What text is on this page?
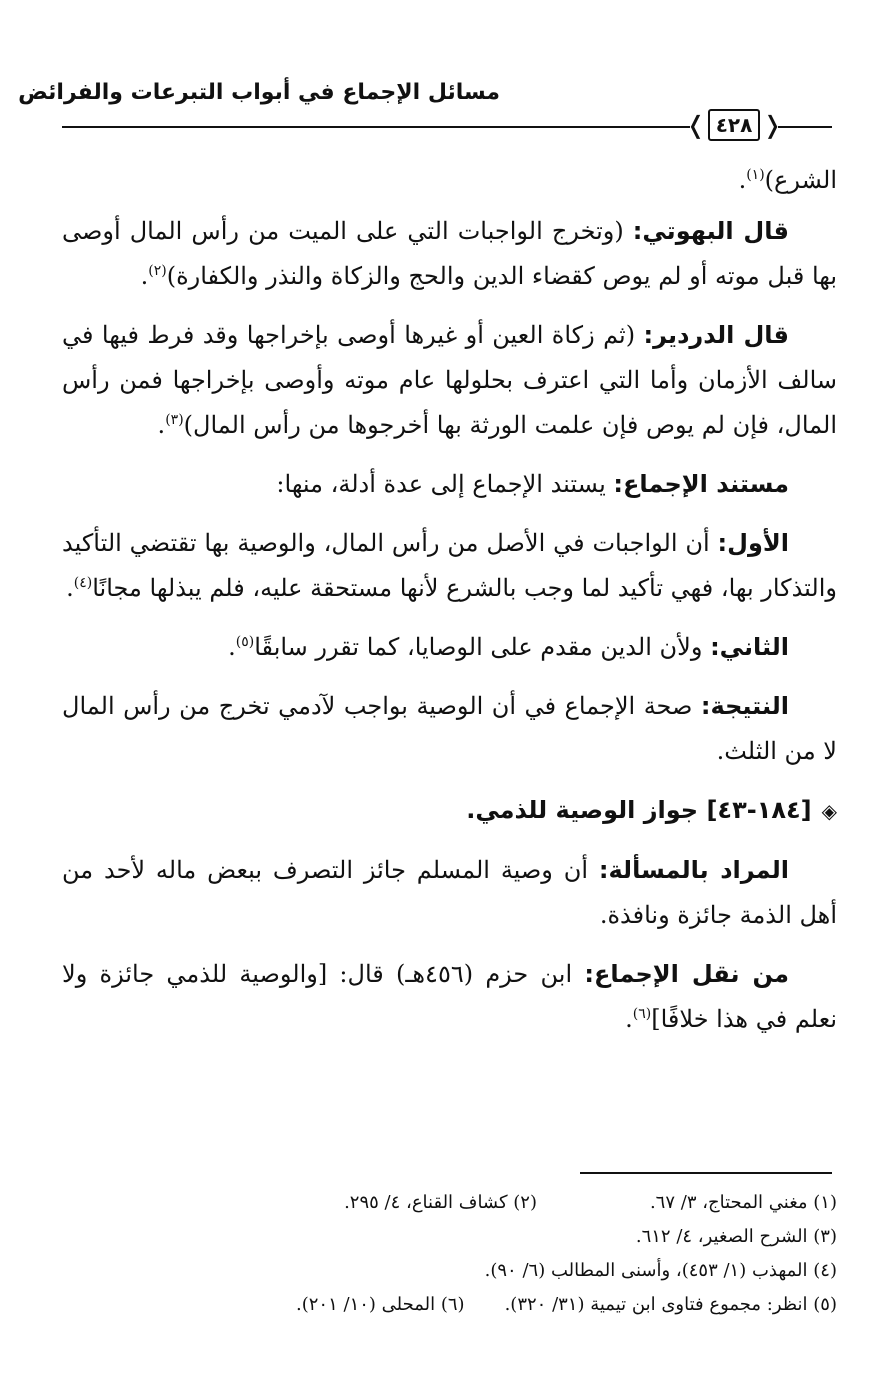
مسائل الإجماع في أبواب التبرعات والفرائض
❬ ٤٢٨ ❭

الشرع)$^{(١)}$.

قال البهوتي: (وتخرج الواجبات التي على الميت من رأس المال أوصى بها قبل موته أو لم يوص كقضاء الدين والحج والزكاة والنذر والكفارة)$^{(٢)}$.

قال الدردير: (ثم زكاة العين أو غيرها أوصى بإخراجها وقد فرط فيها في سالف الأزمان وأما التي اعترف بحلولها عام موته وأوصى بإخراجها فمن رأس المال، فإن لم يوص فإن علمت الورثة بها أخرجوها من رأس المال)$^{(٣)}$.

مستند الإجماع: يستند الإجماع إلى عدة أدلة، منها:

الأول: أن الواجبات في الأصل من رأس المال، والوصية بها تقتضي التأكيد والتذكار بها، فهي تأكيد لما وجب بالشرع لأنها مستحقة عليه، فلم يبذلها مجانًا$^{(٤)}$.

الثاني: ولأن الدين مقدم على الوصايا، كما تقرر سابقًا$^{(٥)}$.

النتيجة: صحة الإجماع في أن الوصية بواجب لآدمي تخرج من رأس المال لا من الثلث.

◈[١٨٤-٤٣] جواز الوصية للذمي.

المراد بالمسألة: أن وصية المسلم جائز التصرف ببعض ماله لأحد من أهل الذمة جائزة ونافذة.

من نقل الإجماع: ابن حزم (٤٥٦هـ) قال: [والوصية للذمي جائزة ولا نعلم في هذا خلافًا]$^{(٦)}$.

(١) مغني المحتاج، ٣/ ٦٧.
(٢) كشاف القناع، ٤/ ٢٩٥.
(٣) الشرح الصغير، ٤/ ٦١٢.
(٤) المهذب (١/ ٤٥٣)، وأسنى المطالب (٦/ ٩٠).
(٥) انظر: مجموع فتاوى ابن تيمية (٣١/ ٣٢٠).
(٦) المحلى (١٠/ ٢٠١).
